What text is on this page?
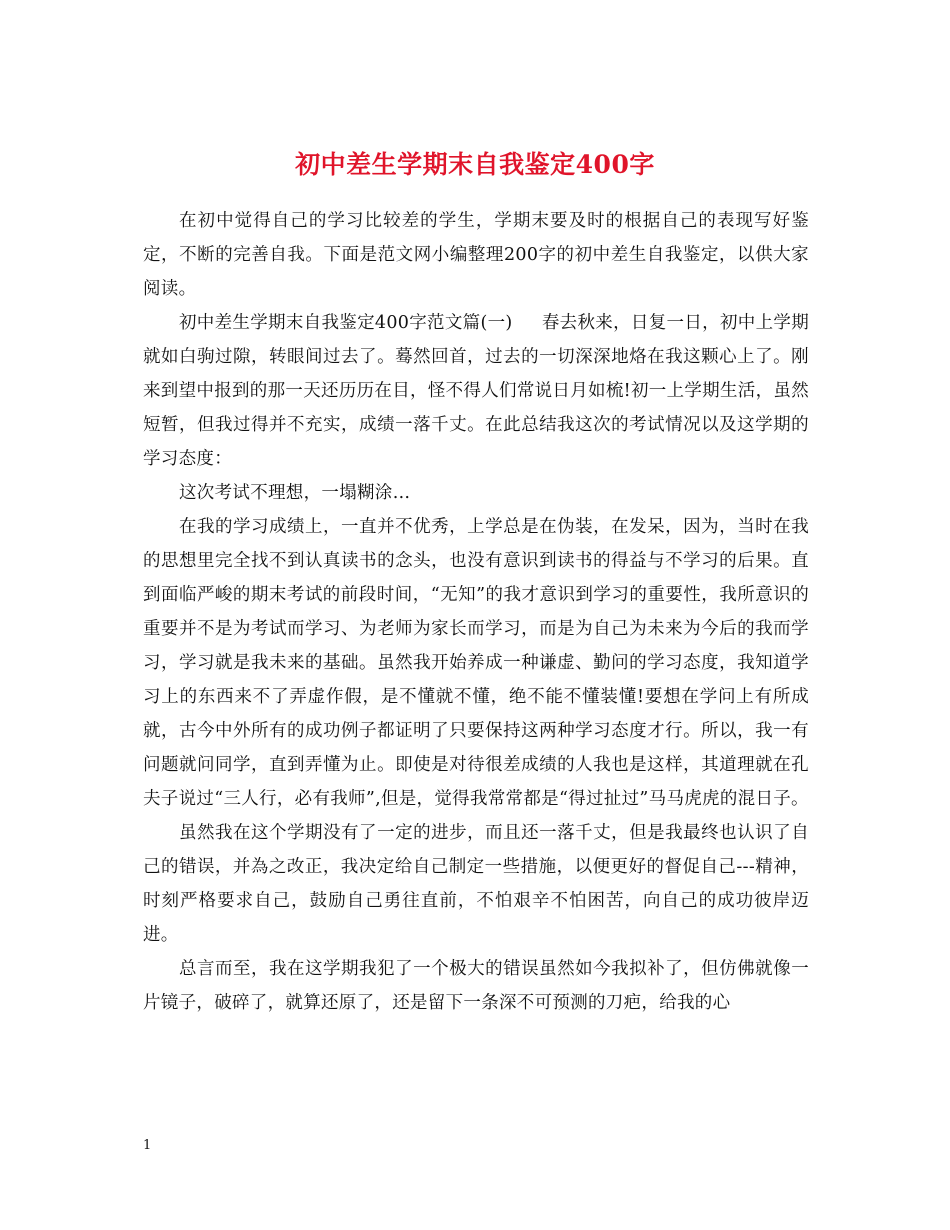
初中差生学期末自我鉴定400字

在初中觉得自己的学习比较差的学生，学期末要及时的根据自己的表现写好鉴定，不断的完善自我。下面是范文网小编整理200字的初中差生自我鉴定，以供大家阅读。

初中差生学期末自我鉴定400字范文篇(一)     春去秋来，日复一日，初中上学期就如白驹过隙，转眼间过去了。蓦然回首，过去的一切深深地烙在我这颗心上了。刚来到望中报到的那一天还历历在目，怪不得人们常说日月如梳!初一上学期生活，虽然短暂，但我过得并不充实，成绩一落千丈。在此总结我这次的考试情况以及这学期的学习态度：

这次考试不理想，一塌糊涂…

在我的学习成绩上，一直并不优秀，上学总是在伪装，在发呆，因为，当时在我的思想里完全找不到认真读书的念头，也没有意识到读书的得益与不学习的后果。直到面临严峻的期末考试的前段时间，“无知”的我才意识到学习的重要性，我所意识的重要并不是为考试而学习、为老师为家长而学习，而是为自己为未来为今后的我而学习，学习就是我未来的基础。虽然我开始养成一种谦虚、勤问的学习态度，我知道学习上的东西来不了弄虚作假，是不懂就不懂，绝不能不懂装懂!要想在学问上有所成就，古今中外所有的成功例子都证明了只要保持这两种学习态度才行。所以，我一有问题就问同学，直到弄懂为止。即使是对待很差成绩的人我也是这样，其道理就在孔夫子说过“三人行，必有我师”,但是，觉得我常常都是“得过扯过”马马虎虎的混日子。

虽然我在这个学期没有了一定的进步，而且还一落千丈，但是我最终也认识了自己的错误，并為之改正，我决定给自己制定一些措施，以便更好的督促自己---精神，时刻严格要求自己，鼓励自己勇往直前，不怕艰辛不怕困苦，向自己的成功彼岸迈进。

总言而至，我在这学期我犯了一个极大的错误虽然如今我拟补了，但仿佛就像一片镜子，破碎了，就算还原了，还是留下一条深不可预测的刀疤，给我的心

1
